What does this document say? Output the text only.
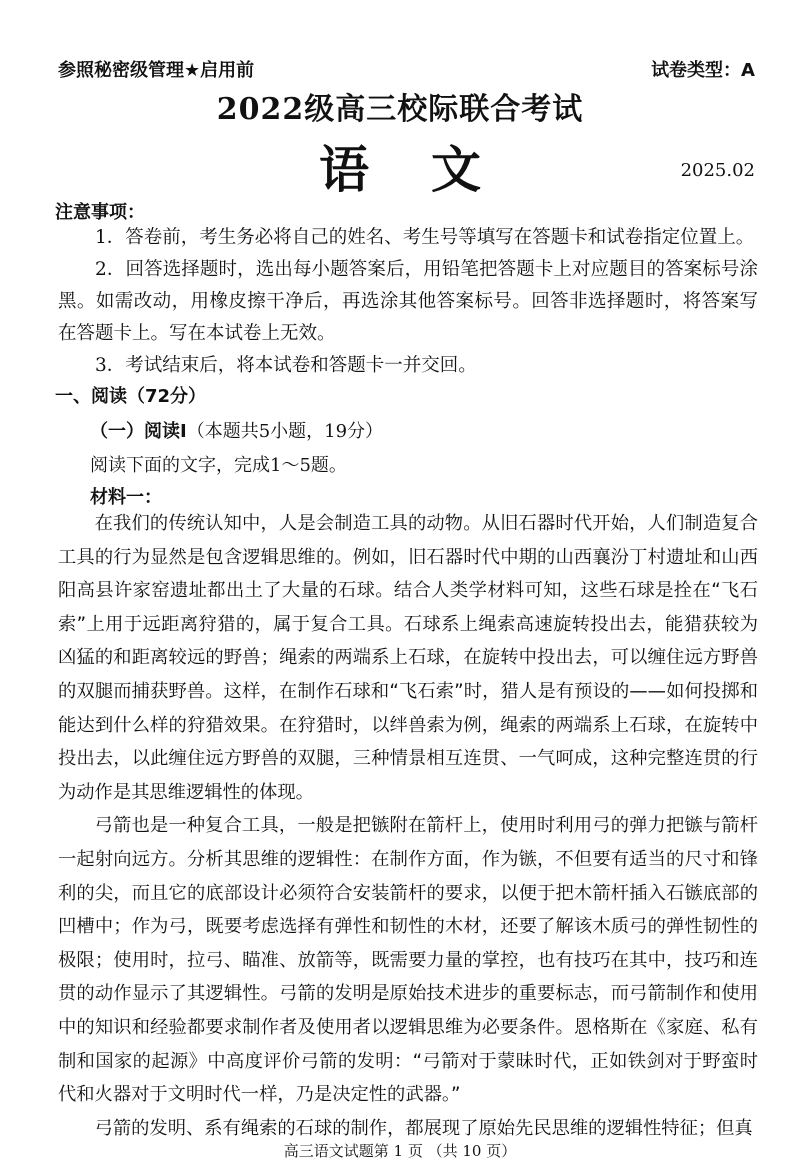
参照秘密级管理★启用前	试卷类型：A
2022级高三校际联合考试
语文	2025.02
注意事项：

1．答卷前，考生务必将自己的姓名、考生号等填写在答题卡和试卷指定位置上。

2．回答选择题时，选出每小题答案后，用铅笔把答题卡上对应题目的答案标号涂黑。如需改动，用橡皮擦干净后，再选涂其他答案标号。回答非选择题时，将答案写在答题卡上。写在本试卷上无效。

3．考试结束后，将本试卷和答题卡一并交回。

一、阅读（72分）
（一）阅读Ⅰ（本题共5小题，19分）
阅读下面的文字，完成1～5题。
材料一：

在我们的传统认知中，人是会制造工具的动物。从旧石器时代开始，人们制造复合工具的行为显然是包含逻辑思维的。例如，旧石器时代中期的山西襄汾丁村遗址和山西阳高县许家窑遗址都出土了大量的石球。结合人类学材料可知，这些石球是拴在“飞石索”上用于远距离狩猎的，属于复合工具。石球系上绳索高速旋转投出去，能猎获较为凶猛的和距离较远的野兽；绳索的两端系上石球，在旋转中投出去，可以缠住远方野兽的双腿而捕获野兽。这样，在制作石球和“飞石索”时，猎人是有预设的——如何投掷和能达到什么样的狩猎效果。在狩猎时，以绊兽索为例，绳索的两端系上石球，在旋转中投出去，以此缠住远方野兽的双腿，三种情景相互连贯、一气呵成，这种完整连贯的行为动作是其思维逻辑性的体现。

弓箭也是一种复合工具，一般是把镞附在箭杆上，使用时利用弓的弹力把镞与箭杆一起射向远方。分析其思维的逻辑性：在制作方面，作为镞，不但要有适当的尺寸和锋利的尖，而且它的底部设计必须符合安装箭杆的要求，以便于把木箭杆插入石镞底部的凹槽中；作为弓，既要考虑选择有弹性和韧性的木材，还要了解该木质弓的弹性韧性的极限；使用时，拉弓、瞄准、放箭等，既需要力量的掌控，也有技巧在其中，技巧和连贯的动作显示了其逻辑性。弓箭的发明是原始技术进步的重要标志，而弓箭制作和使用中的知识和经验都要求制作者及使用者以逻辑思维为必要条件。恩格斯在《家庭、私有制和国家的起源》中高度评价弓箭的发明：“弓箭对于蒙昧时代，正如铁剑对于野蛮时代和火器对于文明时代一样，乃是决定性的武器。”

弓箭的发明、系有绳索的石球的制作，都展现了原始先民思维的逻辑性特征；但真

高三语文试题第 1 页 （共 10 页）
